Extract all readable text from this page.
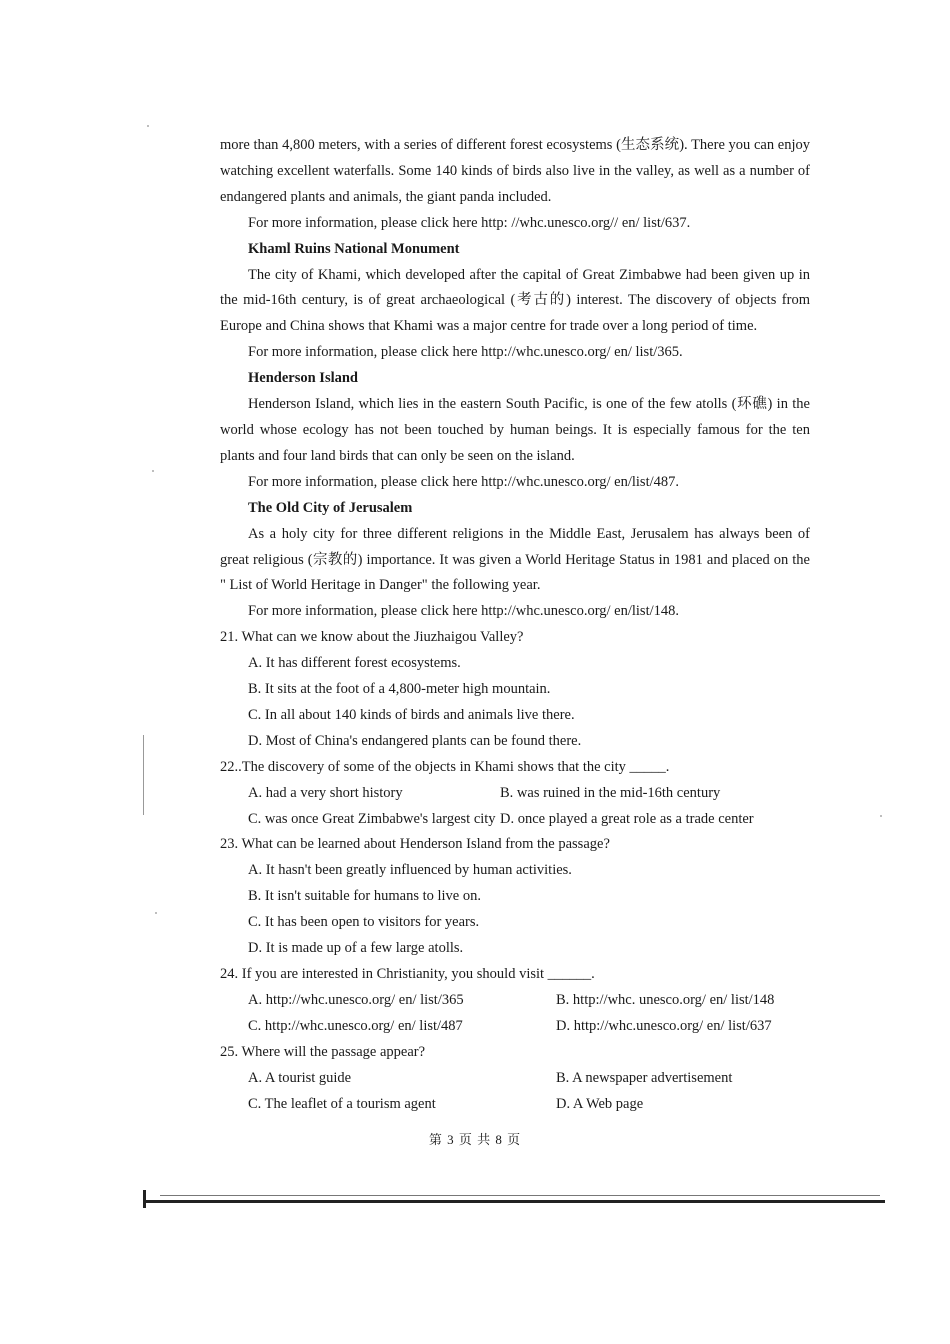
more than 4,800 meters, with a series of different forest ecosystems (生态系统). There you can enjoy watching excellent waterfalls. Some 140 kinds of birds also live in the valley, as well as a number of endangered plants and animals, the giant panda included.

For more information, please click here http: //whc.unesco.org// en/ list/637.

Khaml Ruins National Monument

The city of Khami, which developed after the capital of Great Zimbabwe had been given up in the mid-16th century, is of great archaeological (考古的) interest. The discovery of objects from Europe and China shows that Khami was a major centre for trade over a long period of time.

For more information, please click here http://whc.unesco.org/ en/ list/365.

Henderson Island

Henderson Island, which lies in the eastern South Pacific, is one of the few atolls (环礁) in the world whose ecology has not been touched by human beings. It is especially famous for the ten plants and four land birds that can only be seen on the island.

For more information, please click here http://whc.unesco.org/ en/list/487.

The Old City of Jerusalem

As a holy city for three different religions in the Middle East, Jerusalem has always been of great religious (宗教的) importance. It was given a World Heritage Status in 1981 and placed on the " List of World Heritage in Danger" the following year.

For more information, please click here http://whc.unesco.org/ en/list/148.

21. What can we know about the Jiuzhaigou Valley?

A. It has different forest ecosystems.

B. It sits at the foot of a 4,800-meter high mountain.

C. In all about 140 kinds of birds and animals live there.

D. Most of China's endangered plants can be found there.

22..The discovery of some of the objects in Khami shows that the city _____.

A. had a very short history	B. was ruined in the mid-16th century
C. was once Great Zimbabwe's largest city D. once played a great role as a trade center

23. What can be learned about Henderson Island from the passage?

A. It hasn't been greatly influenced by human activities.

B. It isn't suitable for humans to live on.

C. It has been open to visitors for years.

D. It is made up of a few large atolls.

24. If you are interested in Christianity, you should visit ______.

A. http://whc.unesco.org/ en/ list/365	B. http://whc. unesco.org/ en/ list/148
C. http://whc.unesco.org/ en/ list/487	D. http://whc.unesco.org/ en/ list/637

25. Where will the passage appear?

A. A tourist guide	B. A newspaper advertisement
C. The leaflet of a tourism agent	D. A Web page
第 3 页 共 8 页
